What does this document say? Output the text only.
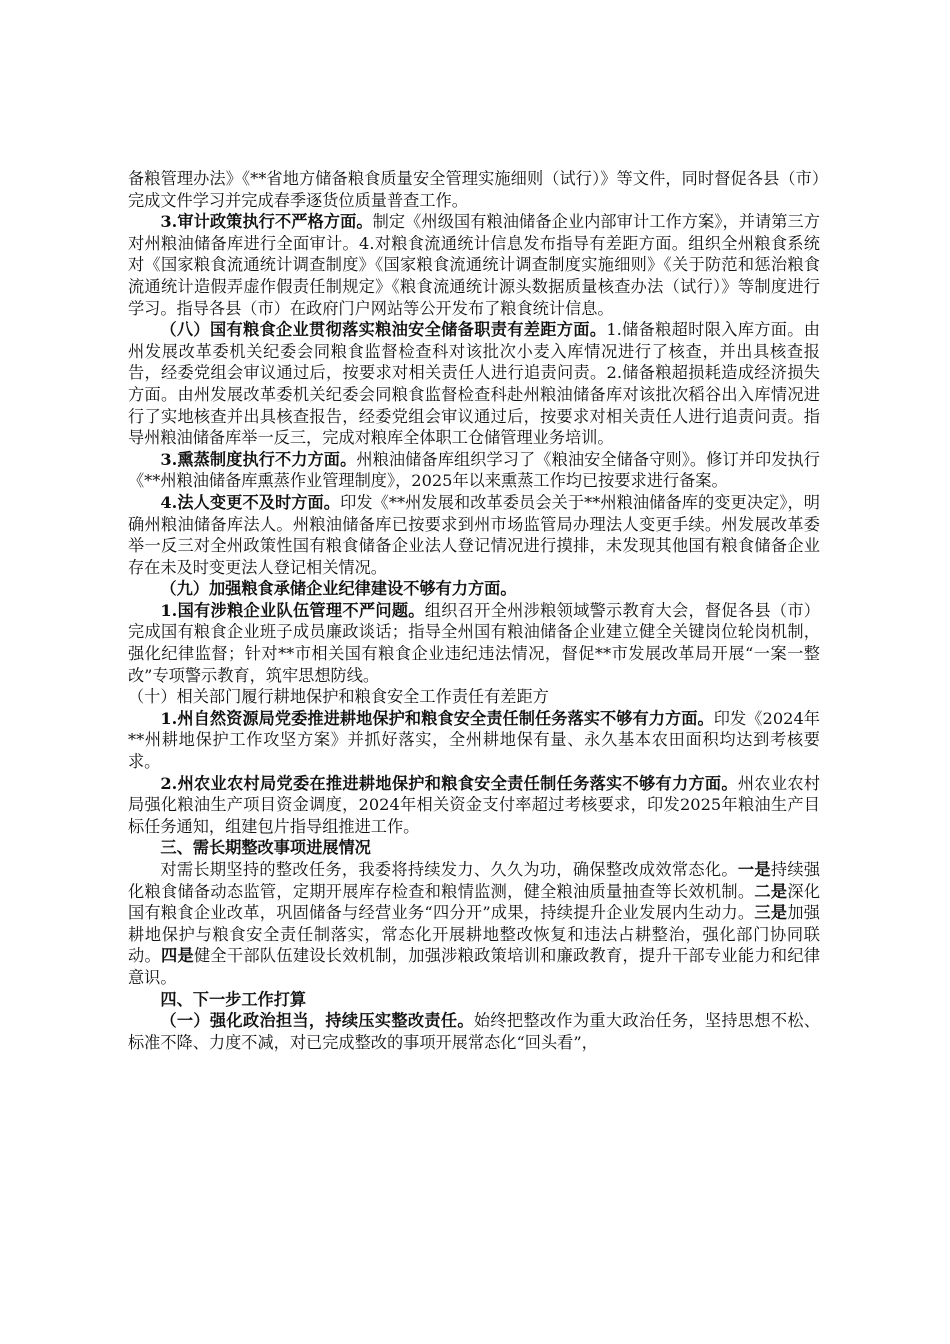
备粮管理办法》《**省地方储备粮食质量安全管理实施细则（试行）》等文件，同时督促各县（市）完成文件学习并完成春季逐货位质量普查工作。

3.审计政策执行不严格方面。制定《州级国有粮油储备企业内部审计工作方案》，并请第三方对州粮油储备库进行全面审计。4.对粮食流通统计信息发布指导有差距方面。组织全州粮食系统对《国家粮食流通统计调查制度》《国家粮食流通统计调查制度实施细则》《关于防范和惩治粮食流通统计造假弄虚作假责任制规定》《粮食流通统计源头数据质量核查办法（试行）》等制度进行学习。指导各县（市）在政府门户网站等公开发布了粮食统计信息。

（八）国有粮食企业贯彻落实粮油安全储备职责有差距方面。1.储备粮超时限入库方面。由州发展改革委机关纪委会同粮食监督检查科对该批次小麦入库情况进行了核查，并出具核查报告，经委党组会审议通过后，按要求对相关责任人进行追责问责。2.储备粮超损耗造成经济损失方面。由州发展改革委机关纪委会同粮食监督检查科赴州粮油储备库对该批次稻谷出入库情况进行了实地核查并出具核查报告，经委党组会审议通过后，按要求对相关责任人进行追责问责。指导州粮油储备库举一反三，完成对粮库全体职工仓储管理业务培训。

3.熏蒸制度执行不力方面。州粮油储备库组织学习了《粮油安全储备守则》。修订并印发执行《**州粮油储备库熏蒸作业管理制度》，2025年以来熏蒸工作均已按要求进行备案。

4.法人变更不及时方面。印发《**州发展和改革委员会关于**州粮油储备库的变更决定》，明确州粮油储备库法人。州粮油储备库已按要求到州市场监管局办理法人变更手续。州发展改革委举一反三对全州政策性国有粮食储备企业法人登记情况进行摸排，未发现其他国有粮食储备企业存在未及时变更法人登记相关情况。

（九）加强粮食承储企业纪律建设不够有力方面。

1.国有涉粮企业队伍管理不严问题。组织召开全州涉粮领域警示教育大会，督促各县（市）完成国有粮食企业班子成员廉政谈话；指导全州国有粮油储备企业建立健全关键岗位轮岗机制，强化纪律监督；针对**市相关国有粮食企业违纪违法情况，督促**市发展改革局开展“一案一整改”专项警示教育，筑牢思想防线。

（十）相关部门履行耕地保护和粮食安全工作责任有差距方

1.州自然资源局党委推进耕地保护和粮食安全责任制任务落实不够有力方面。印发《2024年**州耕地保护工作攻坚方案》并抓好落实，全州耕地保有量、永久基本农田面积均达到考核要求。

2.州农业农村局党委在推进耕地保护和粮食安全责任制任务落实不够有力方面。州农业农村局强化粮油生产项目资金调度，2024年相关资金支付率超过考核要求，印发2025年粮油生产目标任务通知，组建包片指导组推进工作。

三、需长期整改事项进展情况

对需长期坚持的整改任务，我委将持续发力、久久为功，确保整改成效常态化。一是持续强化粮食储备动态监管，定期开展库存检查和粮情监测，健全粮油质量抽查等长效机制。二是深化国有粮食企业改革，巩固储备与经营业务“四分开”成果，持续提升企业发展内生动力。三是加强耕地保护与粮食安全责任制落实，常态化开展耕地整改恢复和违法占耕整治，强化部门协同联动。四是健全干部队伍建设长效机制，加强涉粮政策培训和廉政教育，提升干部专业能力和纪律意识。

四、下一步工作打算

（一）强化政治担当，持续压实整改责任。始终把整改作为重大政治任务，坚持思想不松、标准不降、力度不减，对已完成整改的事项开展常态化“回头看”，
